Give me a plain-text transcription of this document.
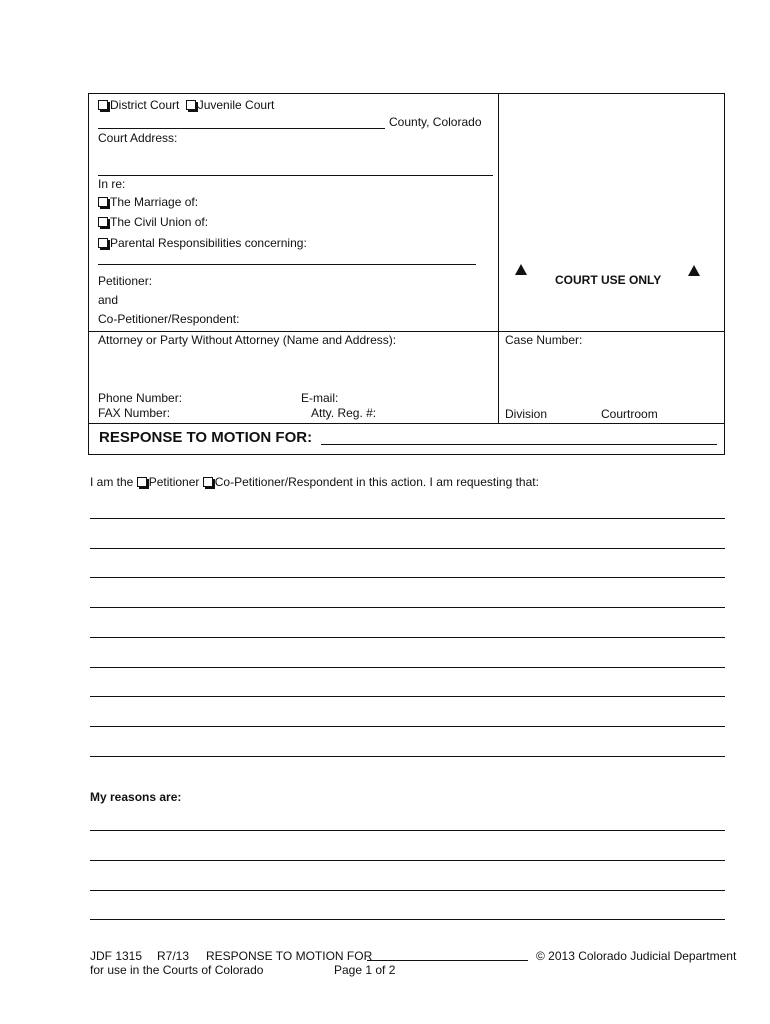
District Court Juvenile Court
County, Colorado
Court Address:
In re:
The Marriage of:
The Civil Union of:
Parental Responsibilities concerning:
Petitioner:
and
Co-Petitioner/Respondent:
COURT USE ONLY
Attorney or Party Without Attorney (Name and Address):
Phone Number:	E-mail:
FAX Number:	Atty. Reg. #:
Case Number:
Division	Courtroom
RESPONSE TO MOTION FOR:
I am the Petitioner Co-Petitioner/Respondent in this action. I am requesting that:
My reasons are:
JDF 1315 R7/13 RESPONSE TO MOTION FOR	© 2013 Colorado Judicial Department
for use in the Courts of Colorado	Page 1 of 2
